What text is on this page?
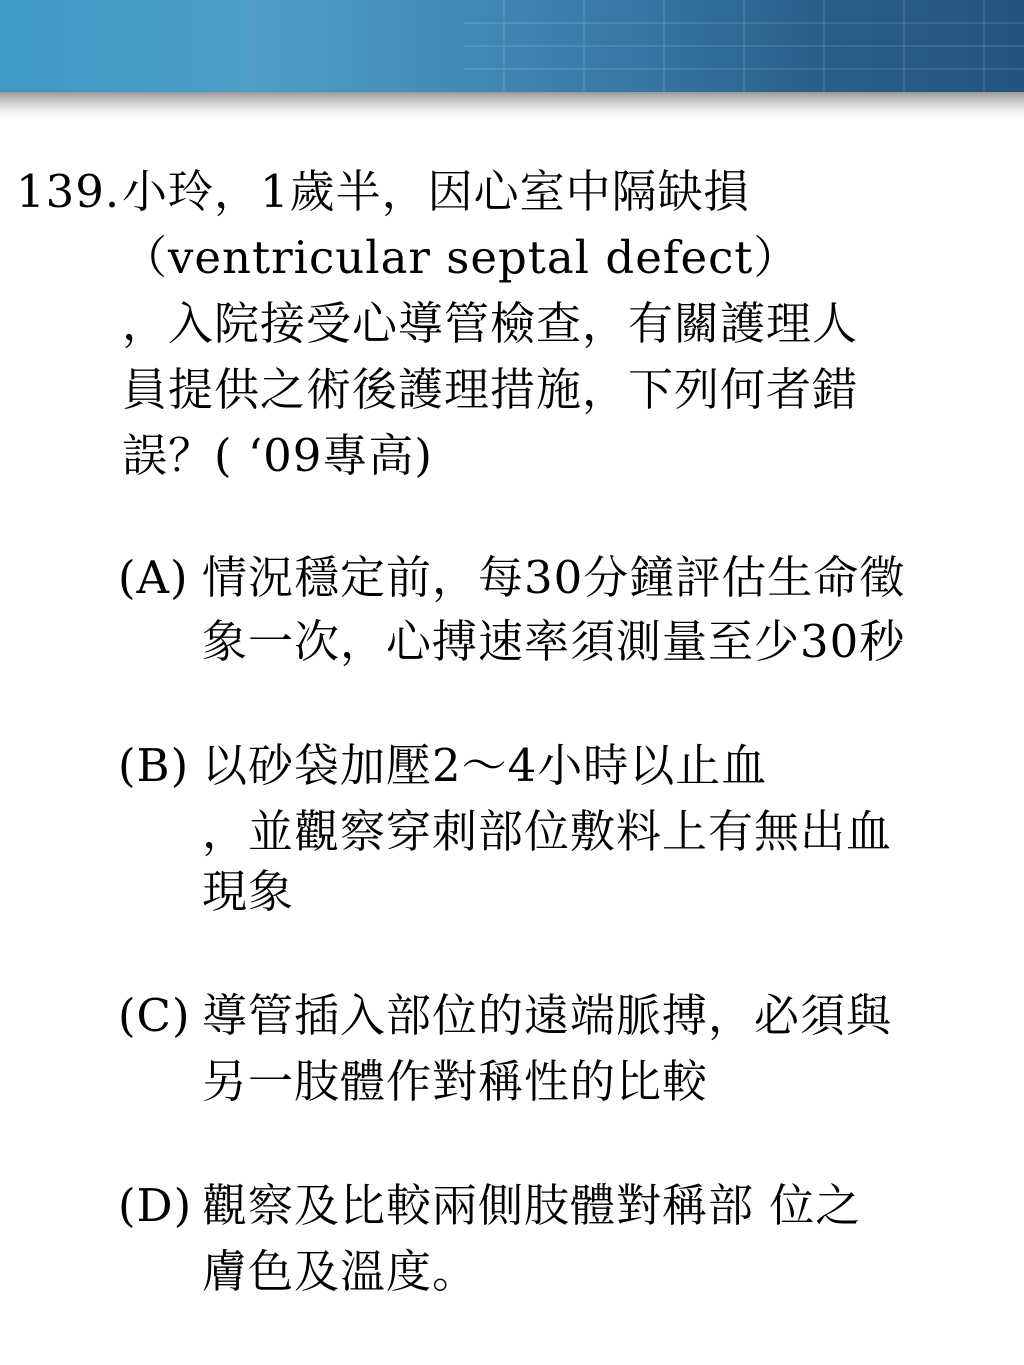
139. 小玲，1歲半，因心室中隔缺損
（ventricular septal defect）
，入院接受心導管檢查，有關護理人
員提供之術後護理措施，下列何者錯
誤？( ‘09專高)
(A) 情況穩定前，每30分鐘評估生命徵
象一次，心搏速率須測量至少30秒
(B) 以砂袋加壓2～4小時以止血
，並觀察穿刺部位敷料上有無出血
現象
(C) 導管插入部位的遠端脈搏，必須與
另一肢體作對稱性的比較
(D) 觀察及比較兩側肢體對稱部 位之
膚色及溫度。
